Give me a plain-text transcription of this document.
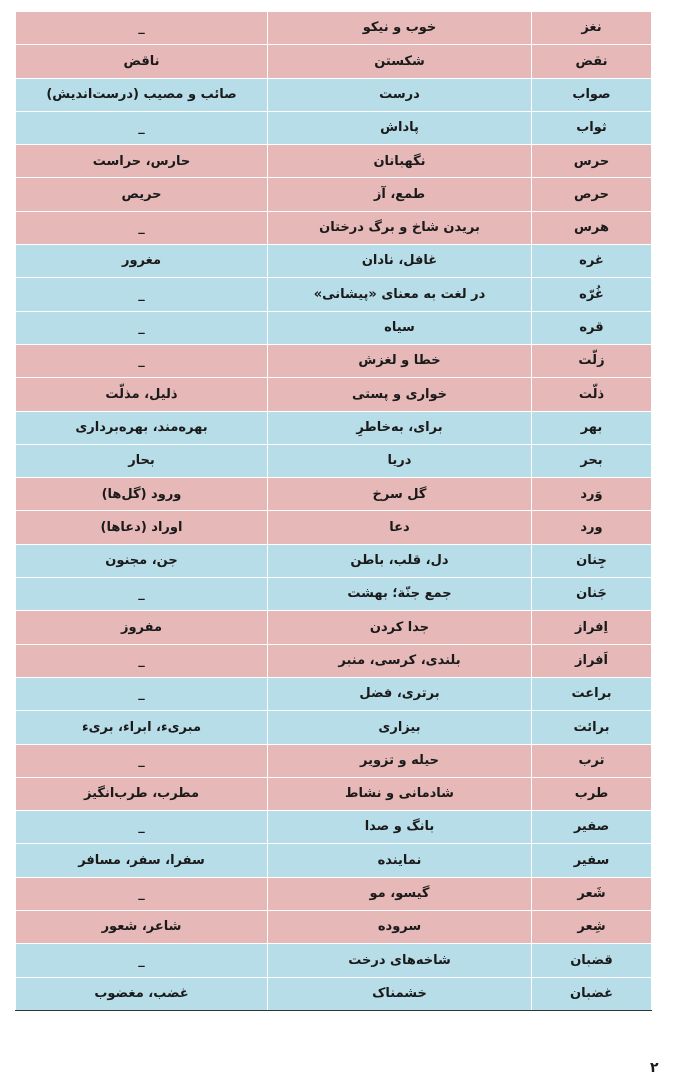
نغز	خوب و نیکو	_
نقض	شکستن	ناقض
صواب	درست	صائب و مصیب (درست‌اندیش)
ثواب	پاداش	_
حرس	نگهبانان	حارس، حراست
حرص	طمع، آز	حریص
هرس	بریدن شاخ و برگ درختان	_
غره	غافل، نادان	مغرور
غُرّه	در لغت به معنای «پیشانی»	_
قره	سیاه	_
زلّت	خطا و لغزش	_
ذلّت	خواری و پستی	ذلیل، مذلّت
بهر	برای، به‌خاطرِ	بهره‌مند، بهره‌برداری
بحر	دریا	بحار
وَرد	گل سرخ	ورود (گل‌ها)
ورد	دعا	اوراد (دعاها)
جِنان	دل، قلب، باطن	جن، مجنون
جَنان	جمع جنّة؛ بهشت	_
اِفراز	جدا کردن	مفروز
اَفراز	بلندی، کرسی، منبر	_
براعت	برتری، فضل	_
برائت	بیزاری	مبریء، ابراء، بریء
ترب	حیله و تزویر	_
طرب	شادمانی و نشاط	مطرب، طرب‌انگیز
صفیر	بانگ و صدا	_
سفیر	نماینده	سفرا، سفر، مسافر
شَعر	گیسو، مو	_
شِعر	سروده	شاعر، شعور
قضبان	شاخه‌های درخت	_
غضبان	خشمناک	غضب، مغضوب
۲
